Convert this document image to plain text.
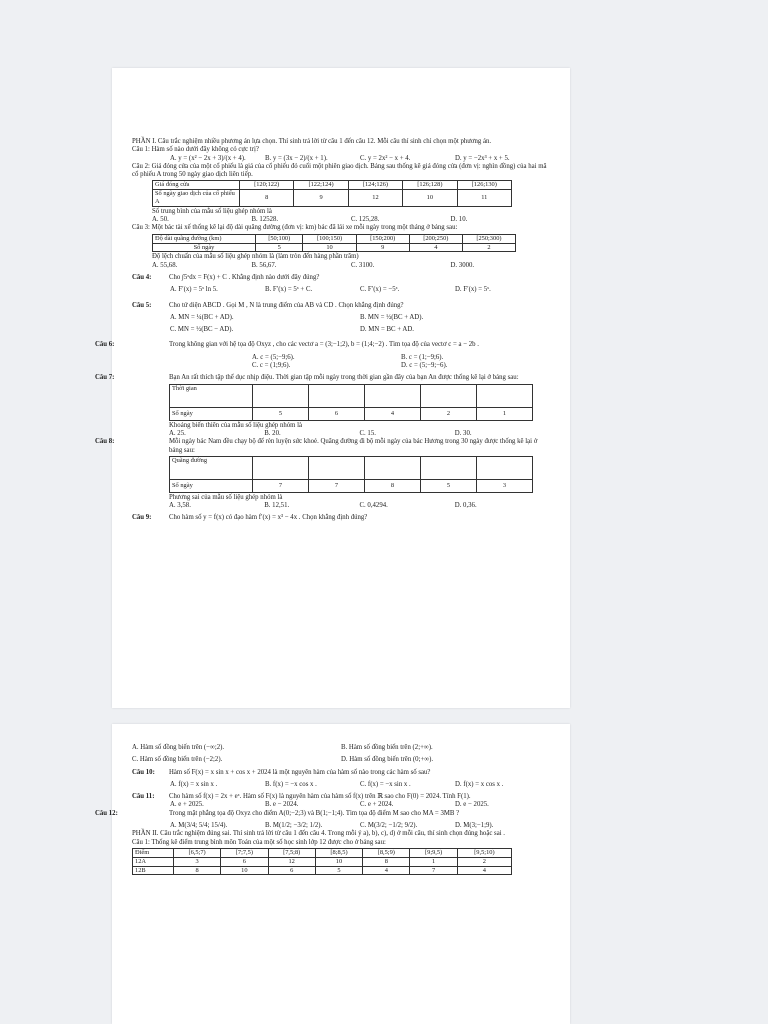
PHẦN I. Câu trắc nghiệm nhiều phương án lựa chọn. Thí sinh trả lời từ câu 1 đến câu 12. Mỗi câu thí sinh chỉ chọn một phương án.

Câu 1: Hàm số nào dưới đây không có cực trị?

A. y = (x² − 2x + 3)/(x + 4).	B. y = (3x − 2)/(x + 1).	C. y = 2x² − x + 4.	D. y = −2x³ + x + 5.

Câu 2: Giá đóng cửa của một cổ phiếu là giá của cổ phiếu đó cuối một phiên giao dịch. Bảng sau thống kê giá đóng cửa (đơn vị: nghìn đồng) của hai mã cổ phiếu A trong 50 ngày giao dịch liên tiếp.

Giá đóng cửa	[120;122)	[122;124)	[124;126)	[126;128)	[126;130)
Số ngày giao dịch của cổ phiếu A	8	9	12	10	11

Số trung bình của mẫu số liệu ghép nhóm là

A. 50.	B. 12528.	C. 125,28.	D. 10.

Câu 3: Một bác tài xế thống kê lại độ dài quãng đường (đơn vị: km) bác đã lái xe mỗi ngày trong một tháng ở bảng sau:

Độ dài quãng đường (km)	[50;100)	[100;150)	[150;200)	[200;250)	[250;300)
Số ngày	5	10	9	4	2

Độ lệch chuẩn của mẫu số liệu ghép nhóm là (làm tròn đến hàng phần trăm)

A. 55,68.	B. 56,67.	C. 3100.	D. 3000.

Câu 4:	Cho ∫5ˣdx = F(x) + C . Khẳng định nào dưới đây đúng?

A. F′(x) = 5ˣ ln 5.	B. F′(x) = 5ˣ + C.	C. F′(x) = −5ˣ.	D. F′(x) = 5ˣ.

Câu 5:	Cho tứ diện ABCD . Gọi M , N là trung điểm của AB và CD . Chọn khẳng định đúng?

A. MN = ¼(BC + AD).	B. MN = ½(BC + AD).
C. MN = ½(BC − AD).	D. MN = BC + AD.

Câu 6:	Trong không gian với hệ tọa độ Oxyz , cho các vectơ a = (3;−1;2), b = (1;4;−2) . Tìm tọa độ của vectơ c = a − 2b .

A. c = (5;−9;6).	B. c = (1;−9;6).
C. c = (1;9;6).	D. c = (5;−9;−6).

Câu 7:	Bạn An rất thích tập thể dục nhịp điệu. Thời gian tập mỗi ngày trong thời gian gần đây của bạn An được thống kê lại ở bảng sau:

Thời gian					
Số ngày	5	6	4	2	1

Khoảng biến thiên của mẫu số liệu ghép nhóm là

A. 25.	B. 20.	C. 15.	D. 30.

Câu 8:	Mỗi ngày bác Nam đều chạy bộ để rèn luyện sức khoẻ. Quãng đường đi bộ mỗi ngày của bác Hương trong 30 ngày được thống kê lại ở bảng sau:

Quãng đường					
Số ngày	7	7	8	5	3

Phương sai của mẫu số liệu ghép nhóm là

A. 3,58.	B. 12,51.	C. 0,4294.	D. 0,36.

Câu 9:	Cho hàm số y = f(x) có đạo hàm f′(x) = x³ − 4x . Chọn khẳng định đúng?

A. Hàm số đồng biến trên (−∞;2).	B. Hàm số đồng biến trên (2;+∞).
C. Hàm số đồng biến trên (−2;2).	D. Hàm số đồng biến trên (0;+∞).

Câu 10: Hàm số F(x) = x sin x + cos x + 2024 là một nguyên hàm của hàm số nào trong các hàm số sau?

A. f(x) = x sin x .	B. f(x) = −x cos x .	C. f(x) = −x sin x .	D. f(x) = x cos x .

Câu 11: Cho hàm số f(x) = 2x + eˣ. Hàm số F(x) là nguyên hàm của hàm số f(x) trên ℝ sao cho F(0) = 2024. Tính F(1).

A. e + 2025.	B. e − 2024.	C. e + 2024.	D. e − 2025.

Câu 12:	Trong mặt phẳng tọa độ Oxyz cho điểm A(0;−2;3) và B(1;−1;4). Tìm tọa độ điểm M sao cho MA = 3MB ?

A. M(3/4; 5/4; 15/4).	B. M(1/2; −3/2; 1/2).	C. M(3/2; −1/2; 9/2).	D. M(3;−1;9).

PHẦN II. Câu trắc nghiệm đúng sai. Thí sinh trả lời từ câu 1 đến câu 4. Trong mỗi ý a), b), c), d) ở mỗi câu, thí sinh chọn đúng hoặc sai .

Câu 1: Thống kê điểm trung bình môn Toán của một số học sinh lớp 12 được cho ở bảng sau:

Điểm	[6,5;7)	[7;7,5)	[7,5;8)	[8;8,5)	[8,5;9)	[9;9,5)	[9,5;10)
12A	3	6	12	10	8	1	2
12B	8	10	6	5	4	7	4
